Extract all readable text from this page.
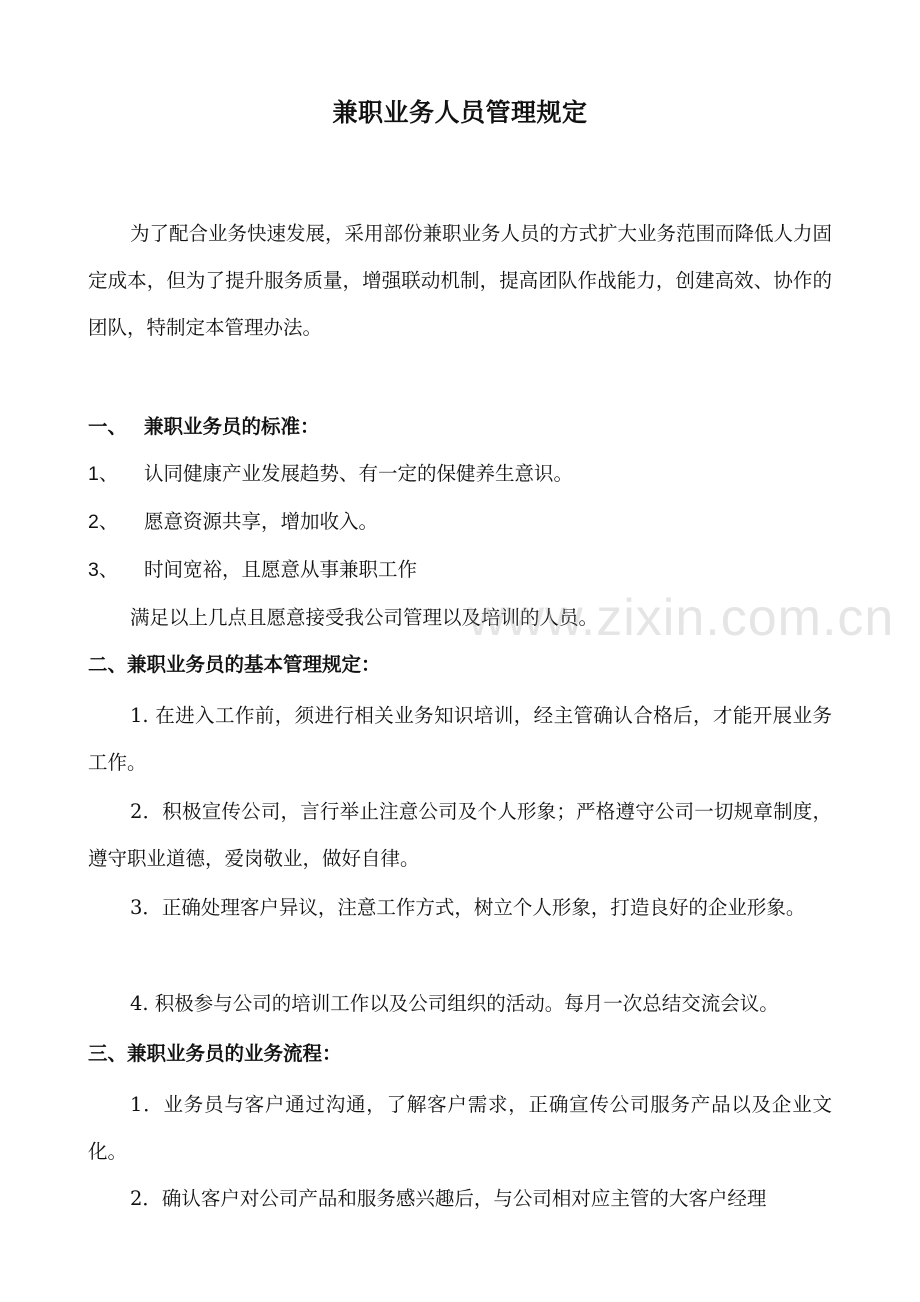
兼职业务人员管理规定
为了配合业务快速发展，采用部份兼职业务人员的方式扩大业务范围而降低人力固定成本，但为了提升服务质量，增强联动机制，提高团队作战能力，创建高效、协作的团队，特制定本管理办法。
一、 兼职业务员的标准：
1、 认同健康产业发展趋势、有一定的保健养生意识。
2、 愿意资源共享，增加收入。
3、 时间宽裕，且愿意从事兼职工作
满足以上几点且愿意接受我公司管理以及培训的人员。
二、兼职业务员的基本管理规定：
1. 在进入工作前，须进行相关业务知识培训，经主管确认合格后，才能开展业务工作。
2．积极宣传公司，言行举止注意公司及个人形象；严格遵守公司一切规章制度，遵守职业道德，爱岗敬业，做好自律。
3．正确处理客户异议，注意工作方式，树立个人形象，打造良好的企业形象。
4. 积极参与公司的培训工作以及公司组织的活动。每月一次总结交流会议。
三、兼职业务员的业务流程：
1．业务员与客户通过沟通，了解客户需求，正确宣传公司服务产品以及企业文化。
2．确认客户对公司产品和服务感兴趣后，与公司相对应主管的大客户经理
www.zixin.com.cn
